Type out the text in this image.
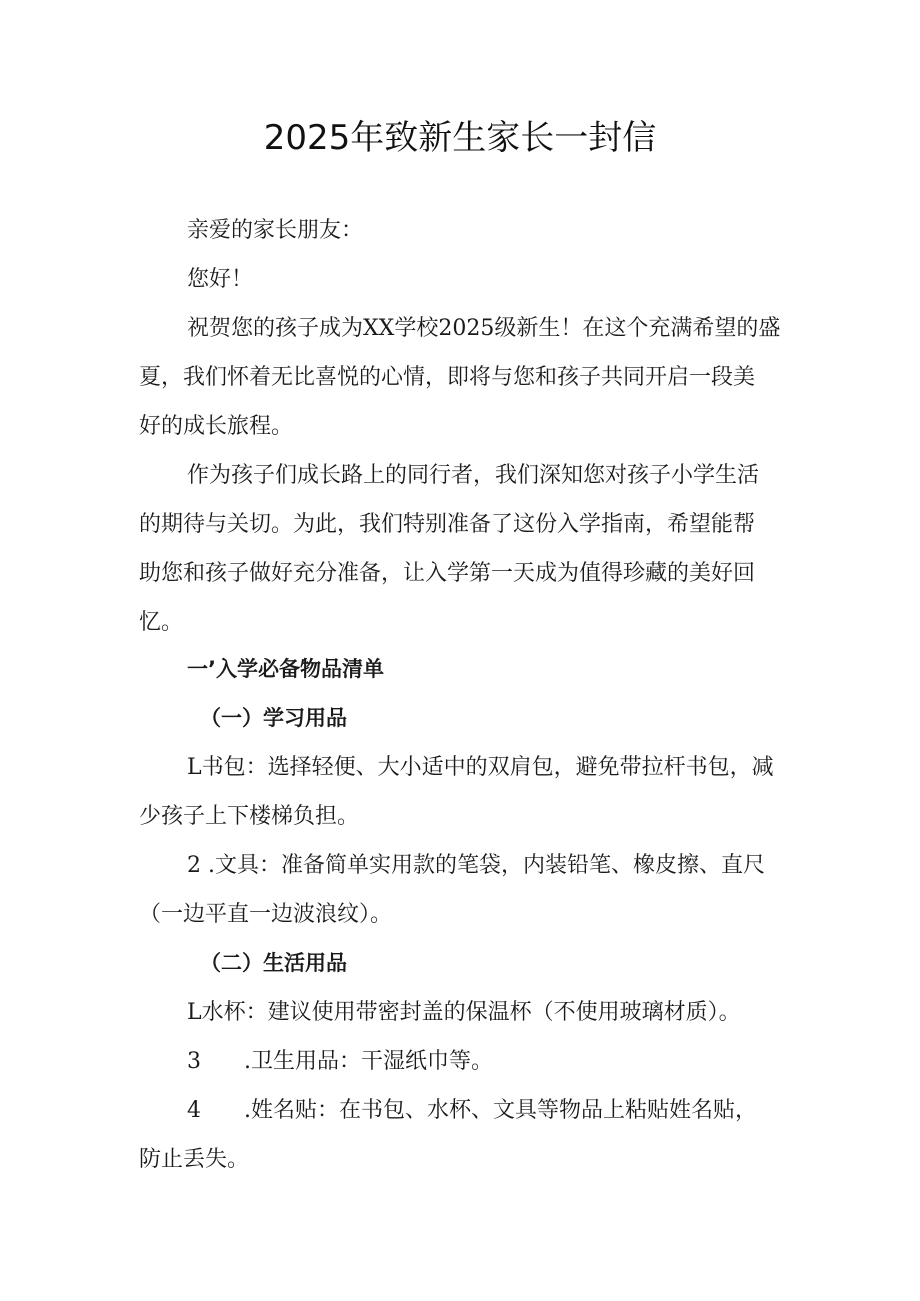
2025年致新生家长一封信
亲爱的家长朋友：
您好！
祝贺您的孩子成为XX学校2025级新生！在这个充满希望的盛
夏，我们怀着无比喜悦的心情，即将与您和孩子共同开启一段美
好的成长旅程。
作为孩子们成长路上的同行者，我们深知您对孩子小学生活
的期待与关切。为此，我们特别准备了这份入学指南，希望能帮
助您和孩子做好充分准备，让入学第一天成为值得珍藏的美好回
忆。
一’入学必备物品清单
（一）学习用品
L书包：选择轻便、大小适中的双肩包，避免带拉杆书包，减
少孩子上下楼梯负担。
2 .文具：准备简单实用款的笔袋，内装铅笔、橡皮擦、直尺
（一边平直一边波浪纹）。
（二）生活用品
L水杯：建议使用带密封盖的保温杯（不使用玻璃材质）。
3 .卫生用品：干湿纸巾等。
4 .姓名贴：在书包、水杯、文具等物品上粘贴姓名贴，
防止丢失。
